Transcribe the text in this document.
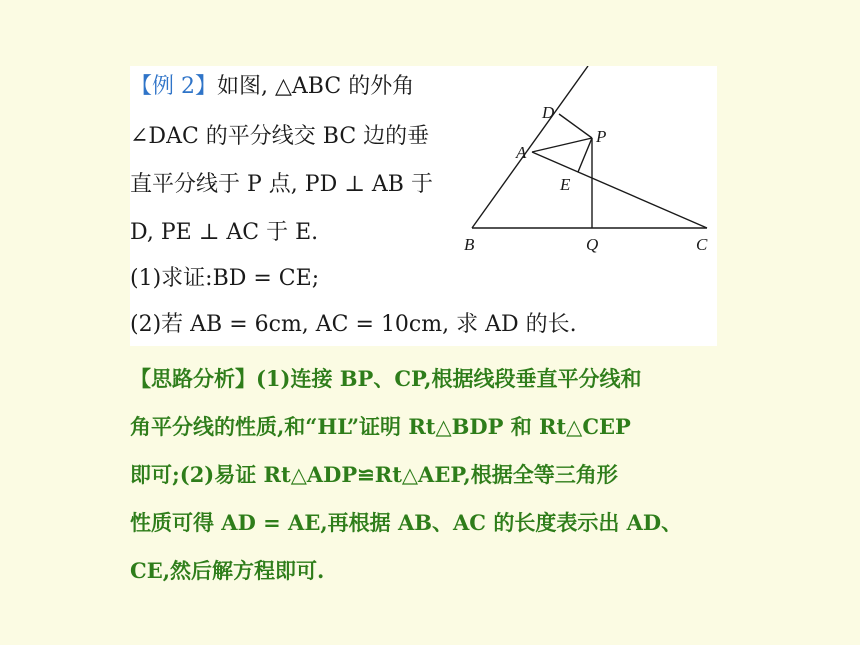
【例 2】如图, △ABC 的外角
∠DAC 的平分线交 BC 边的垂
直平分线于 P 点, PD ⊥ AB 于
D, PE ⊥ AC 于 E.
(1)求证:BD = CE;
(2)若 AB = 6cm, AC = 10cm, 求 AD 的长.
D
P
A
E
B	Q	C
【思路分析】(1)连接 BP、CP,根据线段垂直平分线和
角平分线的性质,和“HL”证明 Rt△BDP 和 Rt△CEP
即可;(2)易证 Rt△ADP≌Rt△AEP,根据全等三角形
性质可得 AD = AE,再根据 AB、AC 的长度表示出 AD、
CE,然后解方程即可.
